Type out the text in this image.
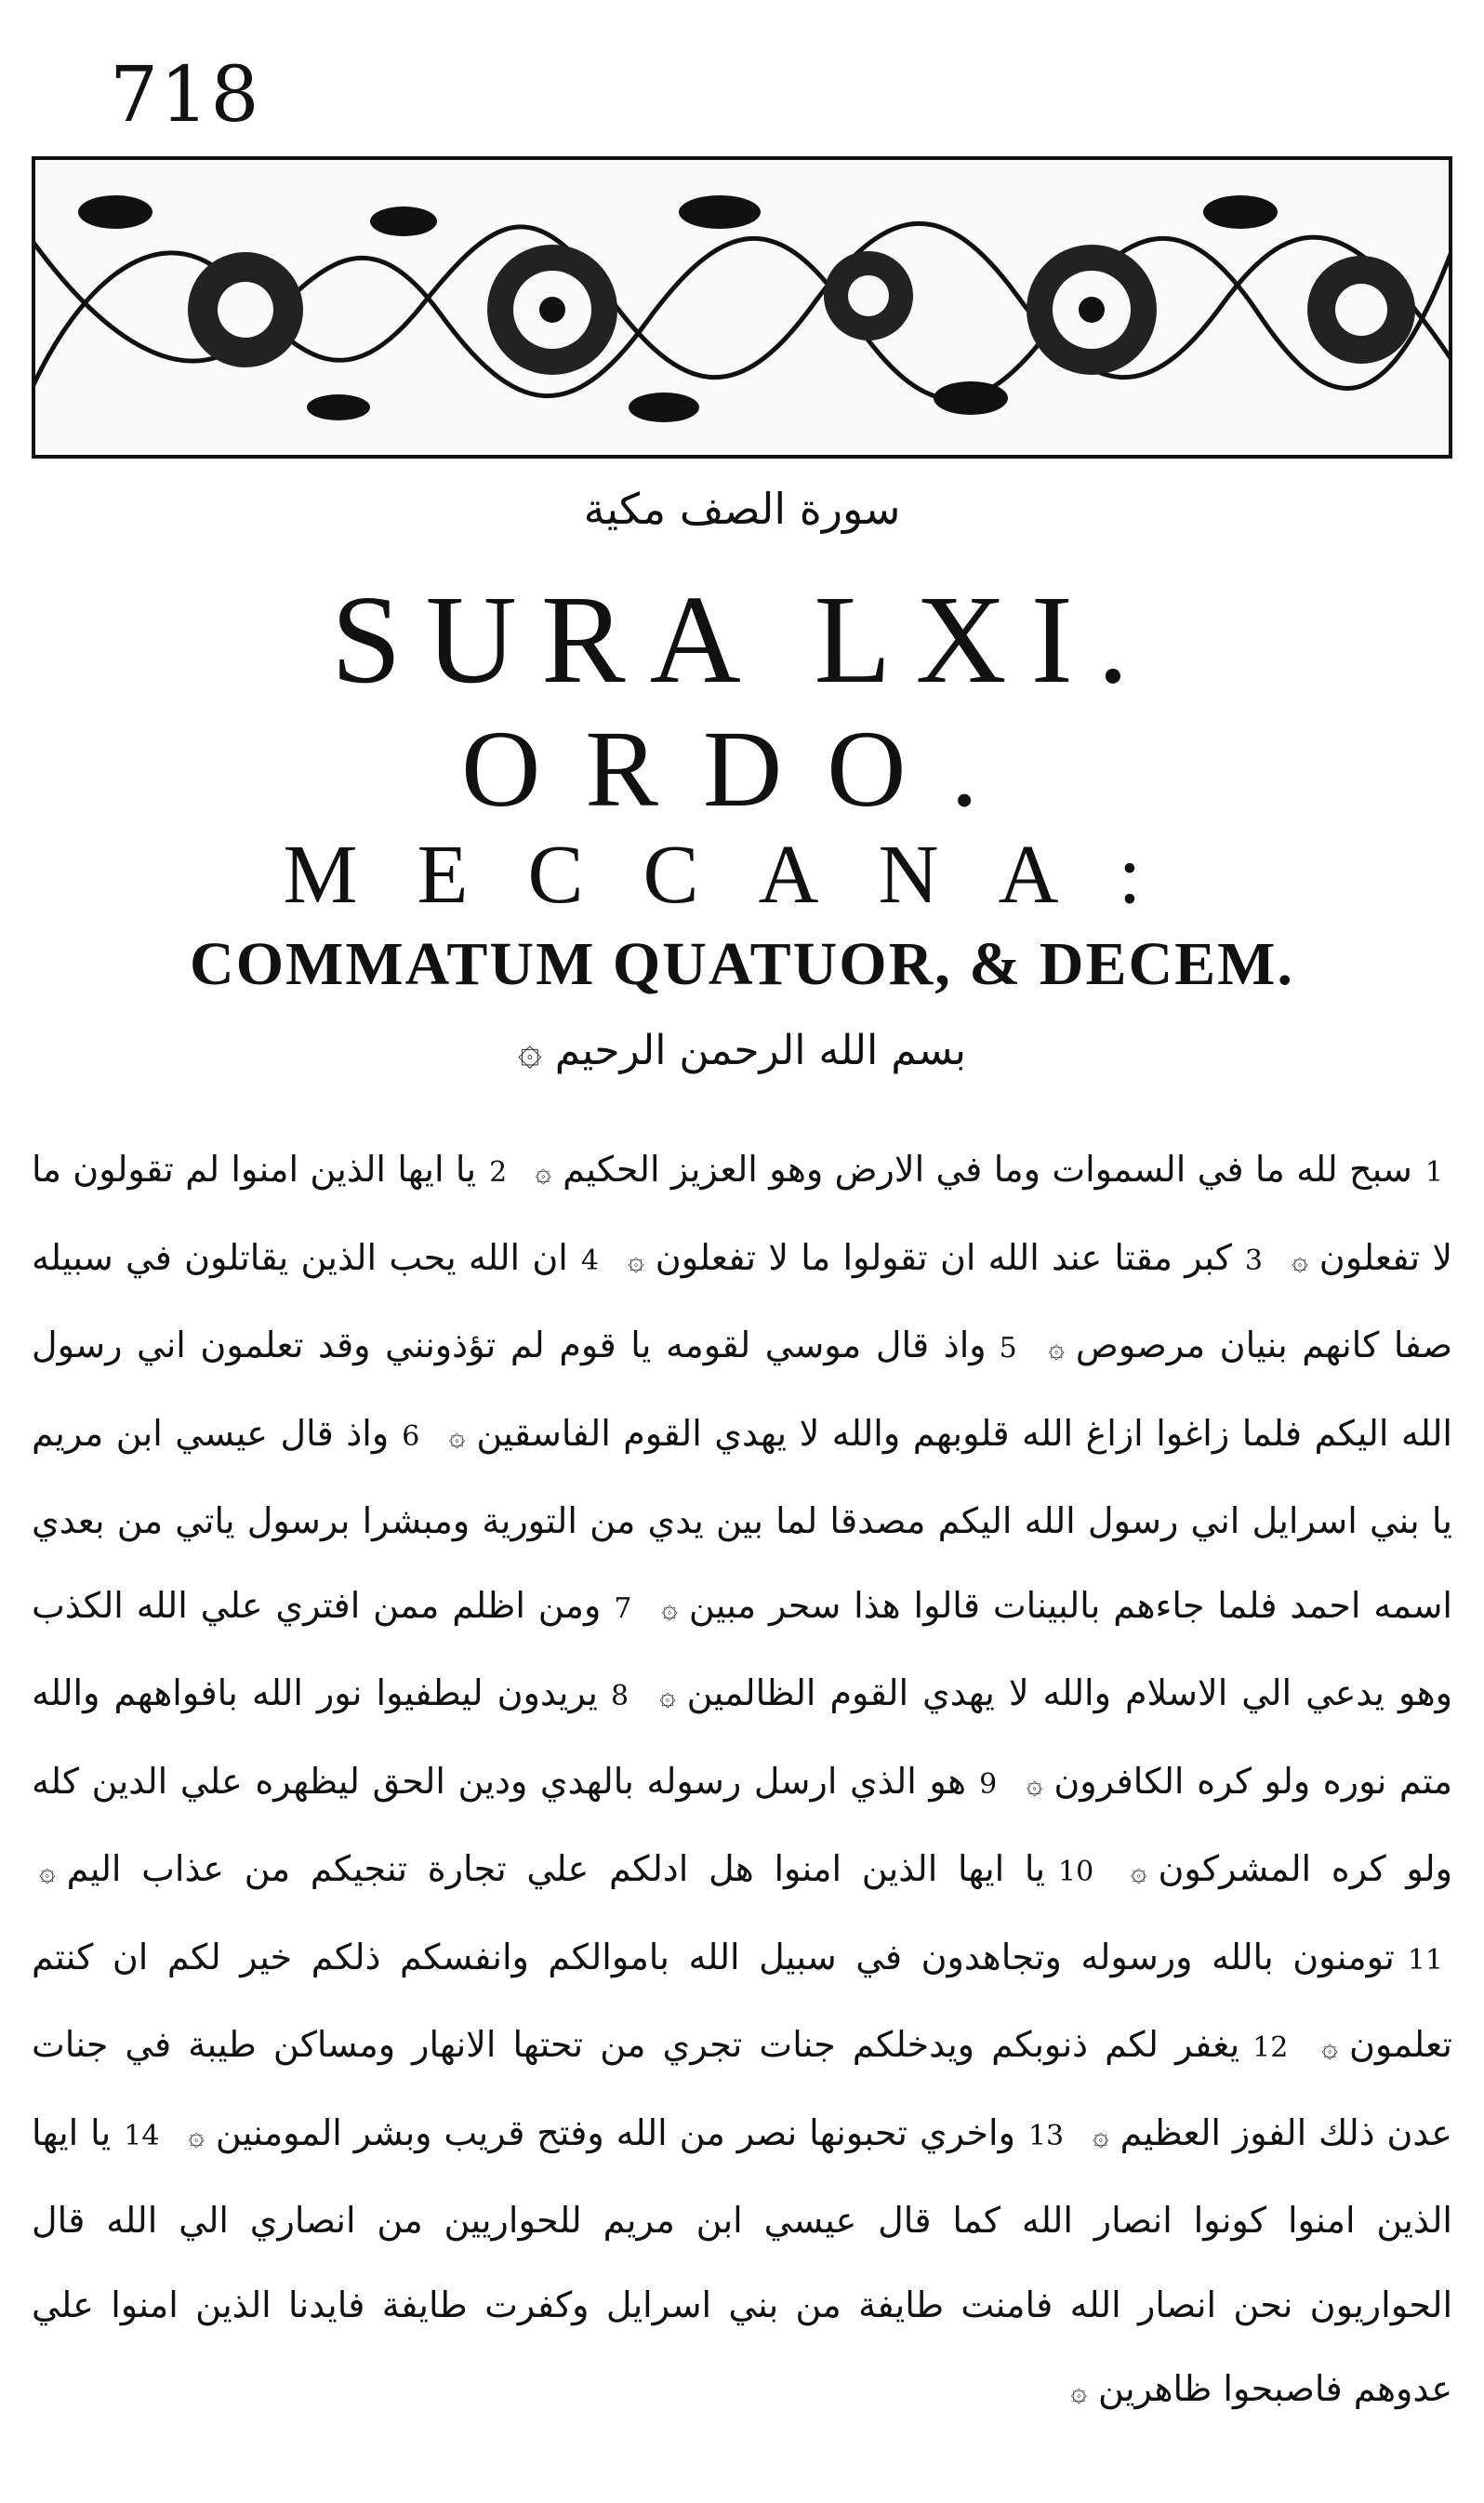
718
سورة الصف مكية
SURA LXI.
ORDO.
MECCANA:
COMMATUM QUATUOR, & DECEM.
بسم الله الرحمن الرحيم ۞
1سبح لله ما في السموات وما في الارض وهو العزيز الحكيم۞ 2يا ايها الذين امنوا لم تقولون ما لا تفعلون۞ 3كبر مقتا عند الله ان تقولوا ما لا تفعلون۞ 4ان الله يحب الذين يقاتلون في سبيله صفا كانهم بنيان مرصوص۞ 5واذ قال موسي لقومه يا قوم لم تؤذونني وقد تعلمون اني رسول الله اليكم فلما زاغوا ازاغ الله قلوبهم والله لا يهدي القوم الفاسقين۞ 6واذ قال عيسي ابن مريم يا بني اسرايل اني رسول الله اليكم مصدقا لما بين يدي من التورية ومبشرا برسول ياتي من بعدي اسمه احمد فلما جاءهم بالبينات قالوا هذا سحر مبين۞ 7ومن اظلم ممن افتري علي الله الكذب وهو يدعي الي الاسلام والله لا يهدي القوم الظالمين۞ 8يريدون ليطفيوا نور الله بافواههم والله متم نوره ولو كره الكافرون۞ 9هو الذي ارسل رسوله بالهدي ودين الحق ليظهره علي الدين كله ولو كره المشركون۞ 10يا ايها الذين امنوا هل ادلكم علي تجارة تنجيكم من عذاب اليم۞ 11تومنون بالله ورسوله وتجاهدون في سبيل الله باموالكم وانفسكم ذلكم خير لكم ان كنتم تعلمون۞ 12يغفر لكم ذنوبكم ويدخلكم جنات تجري من تحتها الانهار ومساكن طيبة في جنات عدن ذلك الفوز العظيم۞ 13واخري تحبونها نصر من الله وفتح قريب وبشر المومنين۞ 14يا ايها الذين امنوا كونوا انصار الله كما قال عيسي ابن مريم للحواريين من انصاري الي الله قال الحواريون نحن انصار الله فامنت طايفة من بني اسرايل وكفرت طايفة فايدنا الذين امنوا علي عدوهم فاصبحوا ظاهرين۞
